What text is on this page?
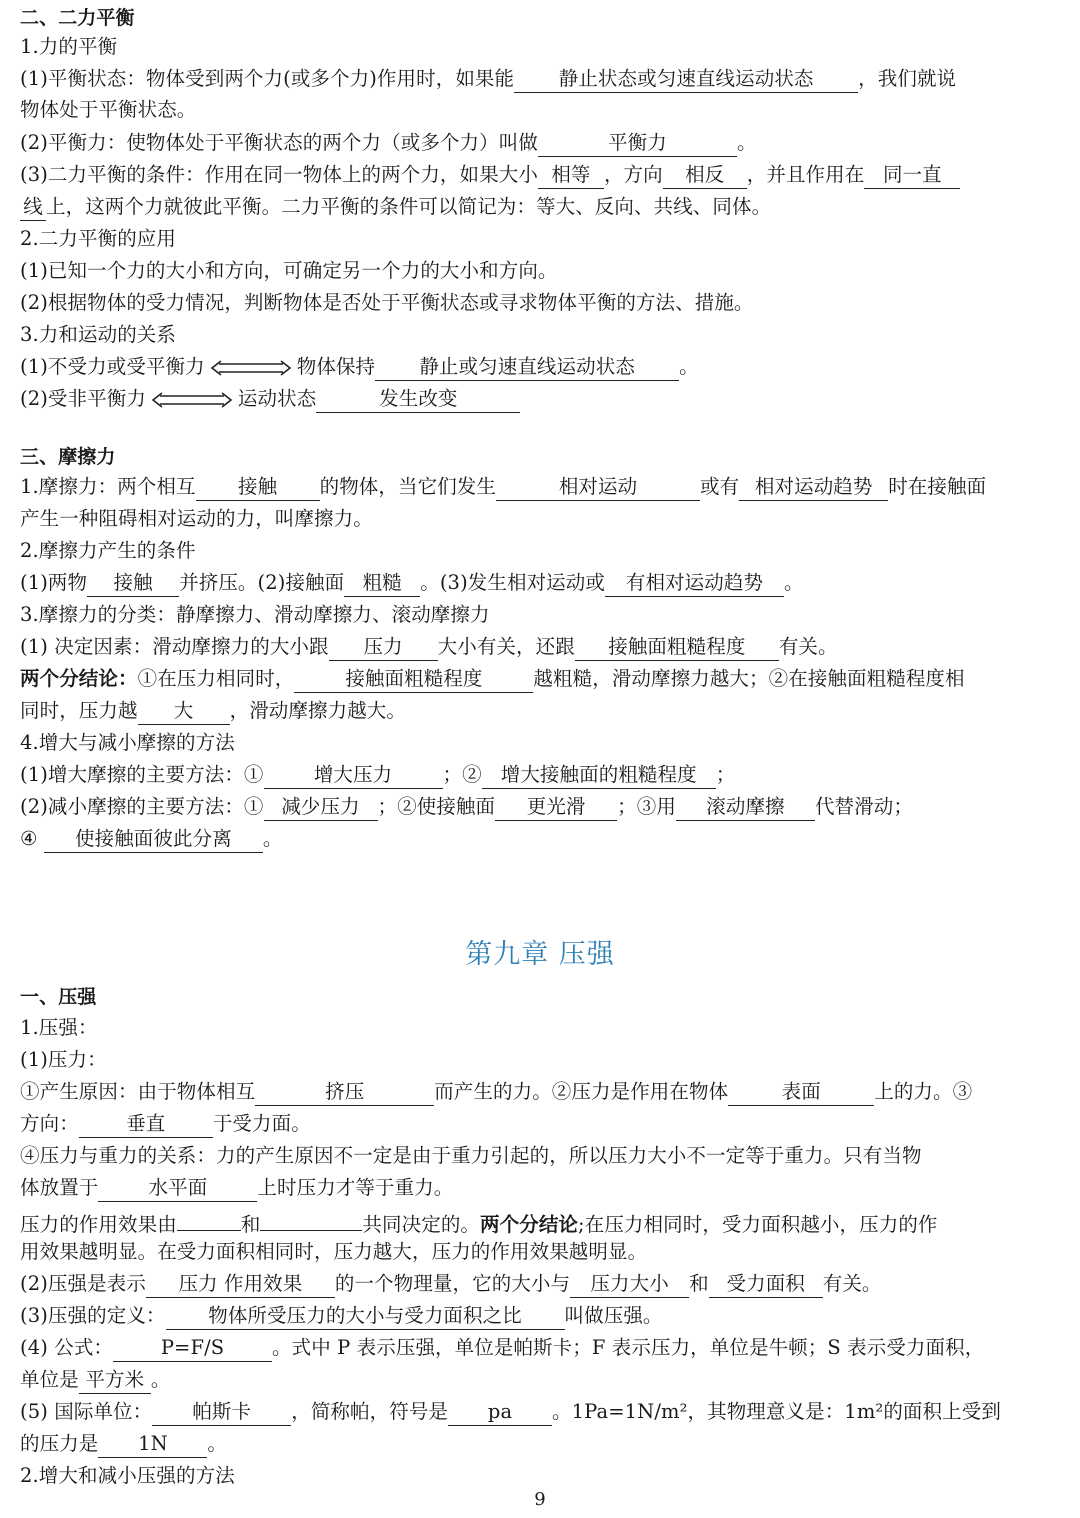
二、二力平衡
1.力的平衡
(1)平衡状态：物体受到两个力(或多个力)作用时，如果能 静止状态或匀速直线运动状态 ，我们就说
物体处于平衡状态。
(2)平衡力：使物体处于平衡状态的两个力（或多个力）叫做	平衡力	。
(3)二力平衡的条件：作用在同一物体上的两个力，如果大小 相等 ，方向 相反 ，并且作用在 同一直
线 上，这两个力就彼此平衡。二力平衡的条件可以简记为：等大、反向、共线、同体。
2.二力平衡的应用
(1)已知一个力的大小和方向，可确定另一个力的大小和方向。
(2)根据物体的受力情况，判断物体是否处于平衡状态或寻求物体平衡的方法、措施。
3.力和运动的关系
(1)不受力或受平衡力	物体保持 静止或匀速直线运动状态 。
(2)受非平衡力	运动状态	发生改变
三、摩擦力
1.摩擦力：两个相互 接触 的物体，当它们发生	相对运动	或有 相对运动趋势 时在接触面
产生一种阻碍相对运动的力，叫摩擦力。
2.摩擦力产生的条件
(1)两物 接触 并挤压。(2)接触面 粗糙 。(3)发生相对运动或 有相对运动趋势 。
3.摩擦力的分类：静摩擦力、滑动摩擦力、滚动摩擦力
(1) 决定因素：滑动摩擦力的大小跟 压力 大小有关，还跟 接触面粗糙程度 有关。
两个分结论：①在压力相同时，	接触面粗糙程度	越粗糙，滑动摩擦力越大；②在接触面粗糙程度相
同时，压力越 大 ，滑动摩擦力越大。
4.增大与减小摩擦的方法
(1)增大摩擦的主要方法：①	增大压力	；② 增大接触面的粗糙程度 ；
(2)减小摩擦的主要方法：① 减少压力 ；②使接触面 更光滑 ；③用 滚动摩擦 代替滑动；
④ 使接触面彼此分离 。
第九章 压强
一、压强
1.压强：
(1)压力：
①产生原因：由于物体相互	挤压	而产生的力。②压力是作用在物体	表面	上的力。③
方向： 垂直 于受力面。
④压力与重力的关系：力的产生原因不一定是由于重力引起的，所以压力大小不一定等于重力。只有当物
体放置于	水平面	上时压力才等于重力。
压力的作用效果由	和	共同决定的。两个分结论;在压力相同时，受力面积越小，压力的作
用效果越明显。在受力面积相同时，压力越大，压力的作用效果越明显。
(2)压强是表示 压力 作用效果 的一个物理量，它的大小与 压力大小 和 受力面积 有关。
(3)压强的定义： 物体所受压力的大小与受力面积之比 叫做压强。
(4) 公式： P=F/S 。式中 P 表示压强，单位是帕斯卡；F 表示压力，单位是牛顿；S 表示受力面积，
单位是 平方米 。
(5) 国际单位： 帕斯卡 ，简称帕，符号是 pa 。1Pa=1N/m²，其物理意义是：1m²的面积上受到
的压力是 1N 。
2.增大和减小压强的方法
9
